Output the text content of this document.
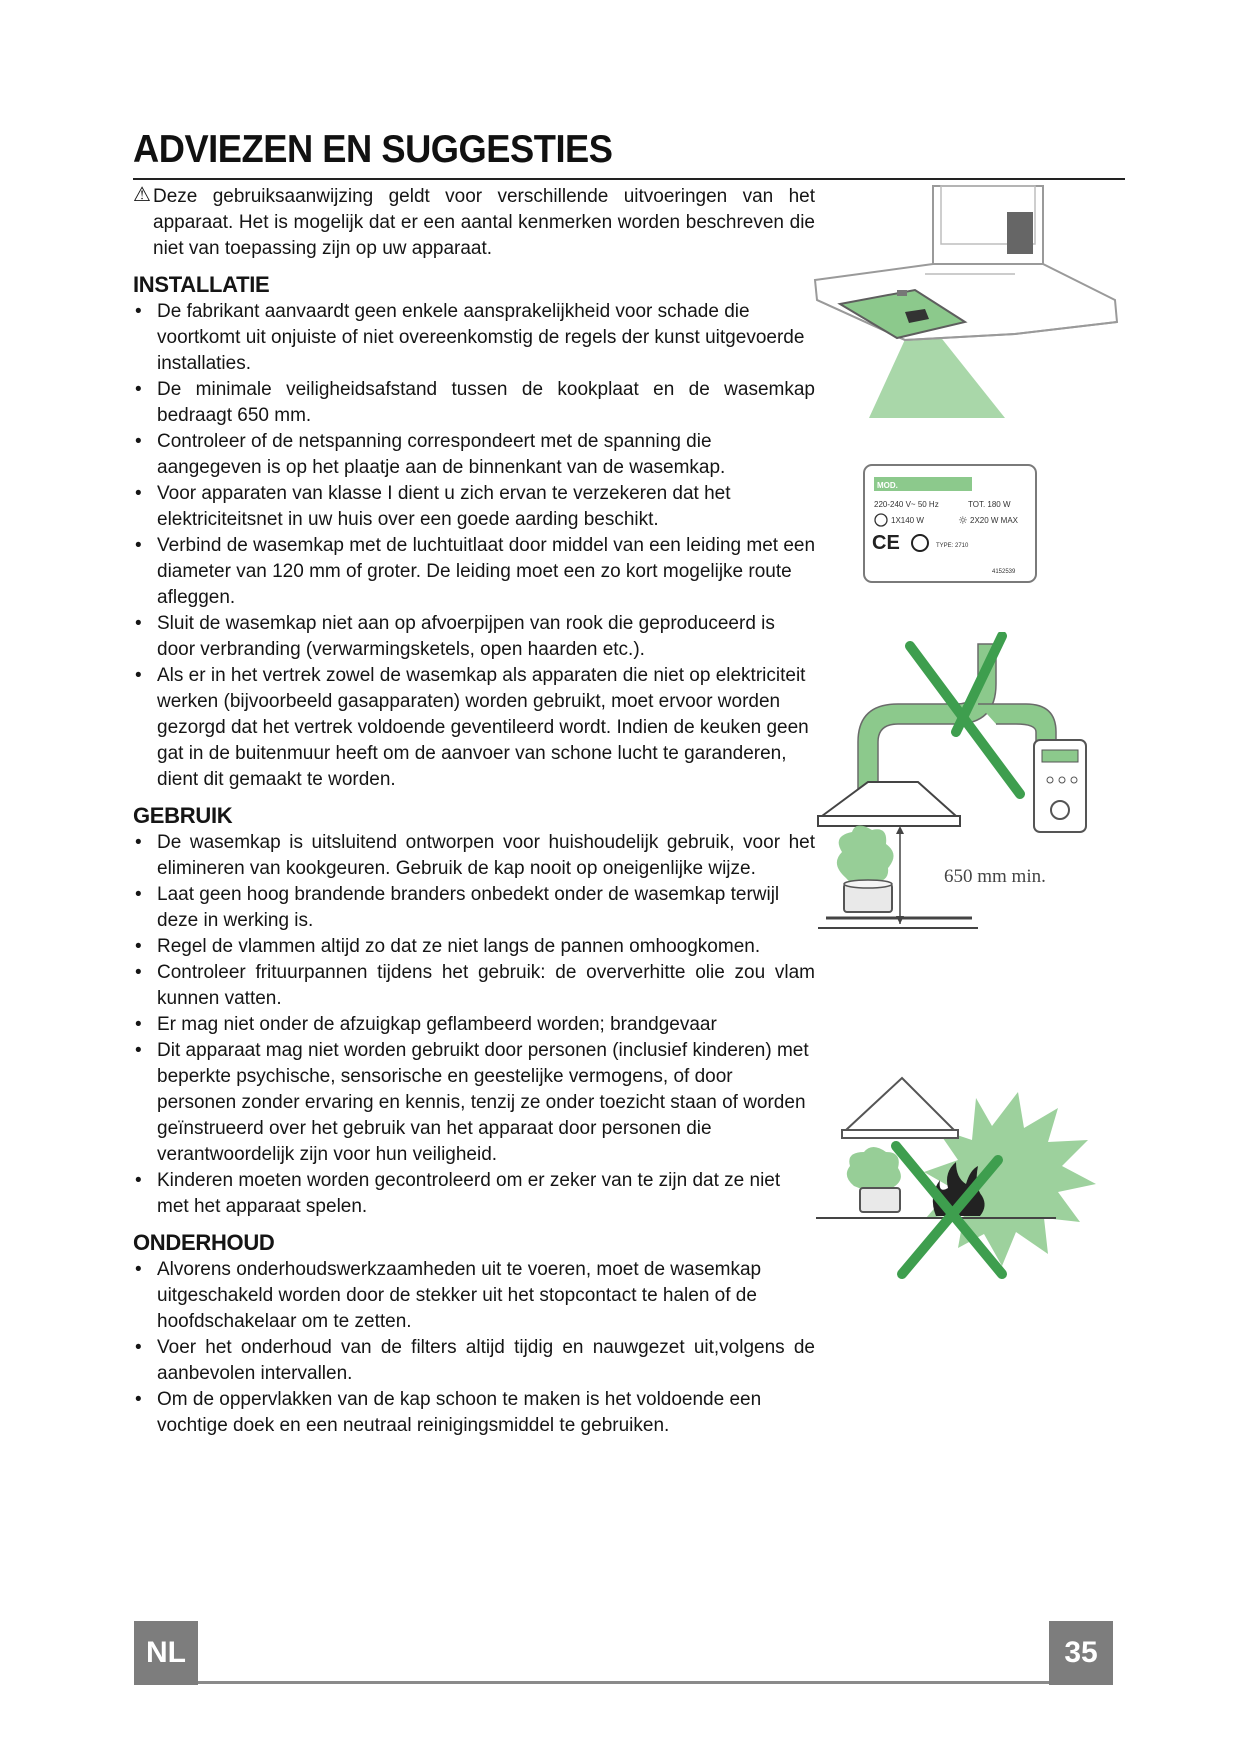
ADVIEZEN EN SUGGESTIES

⚠ Deze gebruiksaanwijzing geldt voor verschillende uitvoeringen van het apparaat. Het is mogelijk dat er een aantal kenmerken worden beschreven die niet van toepassing zijn op uw apparaat.

INSTALLATIE
• De fabrikant aanvaardt geen enkele aansprakelijkheid voor schade die voortkomt uit onjuiste of niet overeenkomstig de regels der kunst uitgevoerde installaties.
• De minimale veiligheidsafstand tussen de kookplaat en de wasemkap bedraagt 650 mm.
• Controleer of de netspanning correspondeert met de spanning die aangegeven is op het plaatje aan de binnenkant van de wasemkap.
• Voor apparaten van klasse I dient u zich ervan te verzekeren dat het elektriciteitsnet in uw huis over een goede aarding beschikt.
• Verbind de wasemkap met de luchtuitlaat door middel van een leiding met een diameter van 120 mm of groter. De leiding moet een zo kort mogelijke route afleggen.
• Sluit de wasemkap niet aan op afvoerpijpen van rook die geproduceerd is door verbranding (verwarmingsketels, open haarden etc.).
• Als er in het vertrek zowel de wasemkap als apparaten die niet op elektriciteit werken (bijvoorbeeld gasapparaten) worden gebruikt, moet ervoor worden gezorgd dat het vertrek voldoende geventileerd wordt. Indien de keuken geen gat in de buitenmuur heeft om de aanvoer van schone lucht te garanderen, dient dit gemaakt te worden.
GEBRUIK
• De wasemkap is uitsluitend ontworpen voor huishoudelijk gebruik, voor het elimineren van kookgeuren. Gebruik de kap nooit op oneigenlijke wijze.
• Laat geen hoog brandende branders onbedekt onder de wasemkap terwijl deze in werking is.
• Regel de vlammen altijd zo dat ze niet langs de pannen omhoogkomen.
• Controleer frituurpannen tijdens het gebruik: de oververhitte olie zou vlam kunnen vatten.
• Er mag niet onder de afzuigkap geflambeerd worden; brandgevaar
• Dit apparaat mag niet worden gebruikt door personen (inclusief kinderen) met beperkte psychische, sensorische en geestelijke vermogens, of door personen zonder ervaring en kennis, tenzij ze onder toezicht staan of worden geïnstrueerd over het gebruik van het apparaat door personen die verantwoordelijk zijn voor hun veiligheid.
• Kinderen moeten worden gecontroleerd om er zeker van te zijn dat ze niet met het apparaat spelen.
ONDERHOUD
• Alvorens onderhoudswerkzaamheden uit te voeren, moet de wasemkap uitgeschakeld worden door de stekker uit het stopcontact te halen of de hoofdschakelaar om te zetten.
• Voer het onderhoud van de filters altijd tijdig en nauwgezet uit,volgens de aanbevolen intervallen.
• Om de oppervlakken van de kap schoon te maken is het voldoende een vochtige doek en een neutraal reinigingsmiddel te gebruiken.
MOD.
220-240 V~ 50 Hz	TOT. 180 W
1X140 W	☼ 2X20 W MAX
CE	TYPE: 2710
4152539
650 mm min.
NL	35
